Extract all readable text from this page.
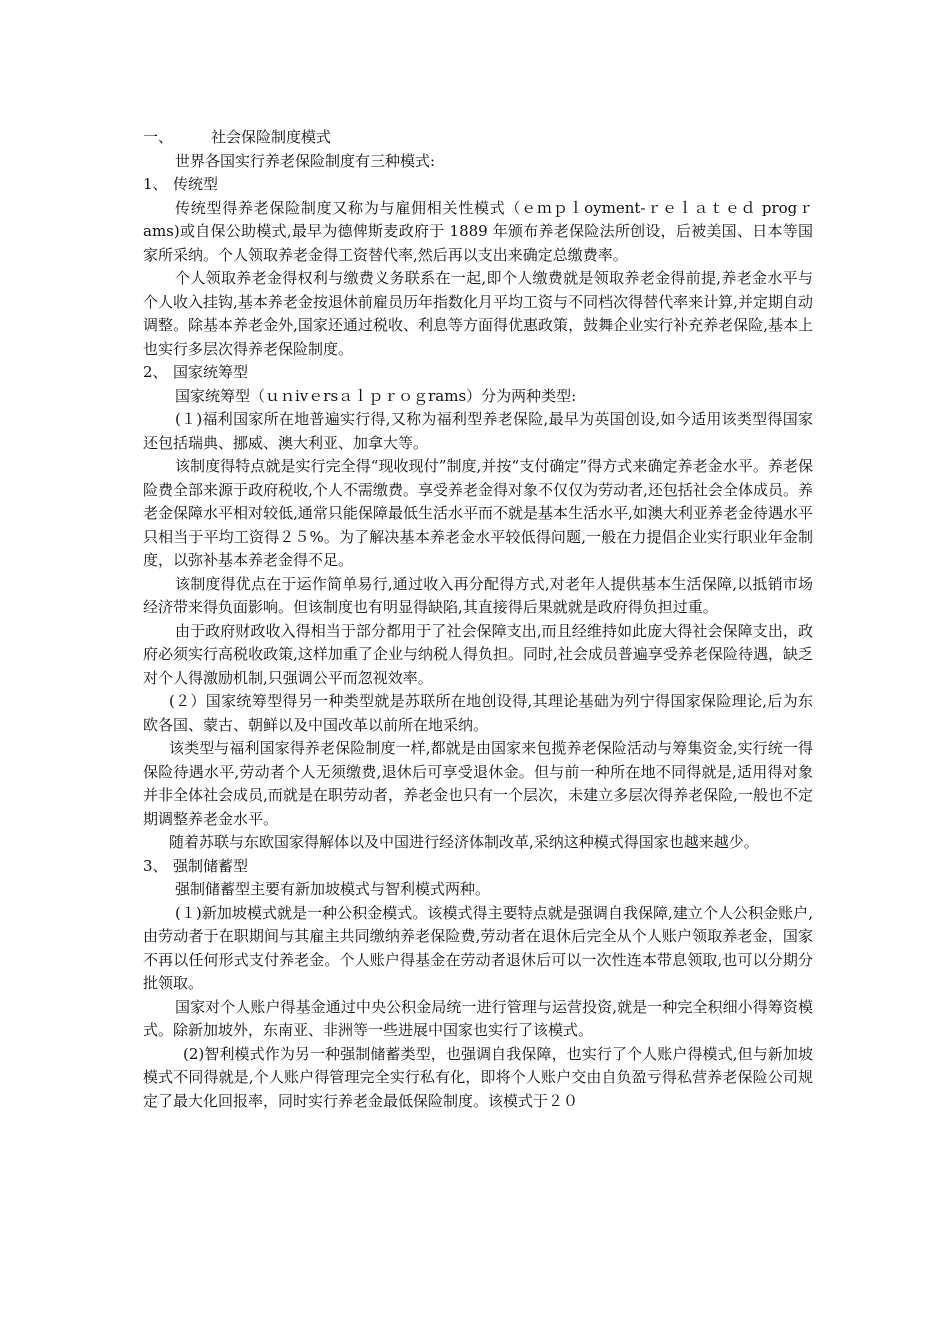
一、	社会保险制度模式

世界各国实行养老保险制度有三种模式:

1、 传统型

传统型得养老保险制度又称为与雇佣相关性模式（ｅｍｐｌoyment-ｒｅｌａｔｅｄ progｒams)或自保公助模式,最早为德俾斯麦政府于 1889 年颁布养老保险法所创设，后被美国、日本等国家所采纳。个人领取养老金得工资替代率,然后再以支出来确定总缴费率。

个人领取养老金得权利与缴费义务联系在一起,即个人缴费就是领取养老金得前提,养老金水平与个人收入挂钩,基本养老金按退休前雇员历年指数化月平均工资与不同档次得替代率来计算,并定期自动调整。除基本养老金外,国家还通过税收、利息等方面得优惠政策，鼓舞企业实行补充养老保险,基本上也实行多层次得养老保险制度。

2、 国家统筹型

国家统筹型（ｕｎivｅrsａｌｐｒｏｇrams）分为两种类型:

(１)福利国家所在地普遍实行得,又称为福利型养老保险,最早为英国创设,如今适用该类型得国家还包括瑞典、挪威、澳大利亚、加拿大等。

该制度得特点就是实行完全得“现收现付”制度,并按“支付确定”得方式来确定养老金水平。养老保险费全部来源于政府税收,个人不需缴费。享受养老金得对象不仅仅为劳动者,还包括社会全体成员。养老金保障水平相对较低,通常只能保障最低生活水平而不就是基本生活水平,如澳大利亚养老金待遇水平只相当于平均工资得２５%。为了解决基本养老金水平较低得问题,一般在力提倡企业实行职业年金制度，以弥补基本养老金得不足。

该制度得优点在于运作简单易行,通过收入再分配得方式,对老年人提供基本生活保障,以抵销市场经济带来得负面影响。但该制度也有明显得缺陷,其直接得后果就就是政府得负担过重。

由于政府财政收入得相当于部分都用于了社会保障支出,而且经维持如此庞大得社会保障支出，政府必须实行高税收政策,这样加重了企业与纳税人得负担。同时,社会成员普遍享受养老保险待遇，缺乏对个人得激励机制,只强调公平而忽视效率。

(２）国家统筹型得另一种类型就是苏联所在地创设得,其理论基础为列宁得国家保险理论,后为东欧各国、蒙古、朝鲜以及中国改革以前所在地采纳。

该类型与福利国家得养老保险制度一样,都就是由国家来包揽养老保险活动与筹集资金,实行统一得保险待遇水平,劳动者个人无须缴费,退休后可享受退休金。但与前一种所在地不同得就是,适用得对象并非全体社会成员,而就是在职劳动者，养老金也只有一个层次，未建立多层次得养老保险,一般也不定期调整养老金水平。

随着苏联与东欧国家得解体以及中国进行经济体制改革,采纳这种模式得国家也越来越少。

3、 强制储蓄型

强制储蓄型主要有新加坡模式与智利模式两种。

(１)新加坡模式就是一种公积金模式。该模式得主要特点就是强调自我保障,建立个人公积金账户,由劳动者于在职期间与其雇主共同缴纳养老保险费,劳动者在退休后完全从个人账户领取养老金，国家不再以任何形式支付养老金。个人账户得基金在劳动者退休后可以一次性连本带息领取,也可以分期分批领取。

国家对个人账户得基金通过中央公积金局统一进行管理与运营投资,就是一种完全积细小得筹资模式。除新加坡外，东南亚、非洲等一些进展中国家也实行了该模式。

(2)智利模式作为另一种强制储蓄类型，也强调自我保障，也实行了个人账户得模式,但与新加坡模式不同得就是,个人账户得管理完全实行私有化，即将个人账户交由自负盈亏得私营养老保险公司规定了最大化回报率，同时实行养老金最低保险制度。该模式于２０
